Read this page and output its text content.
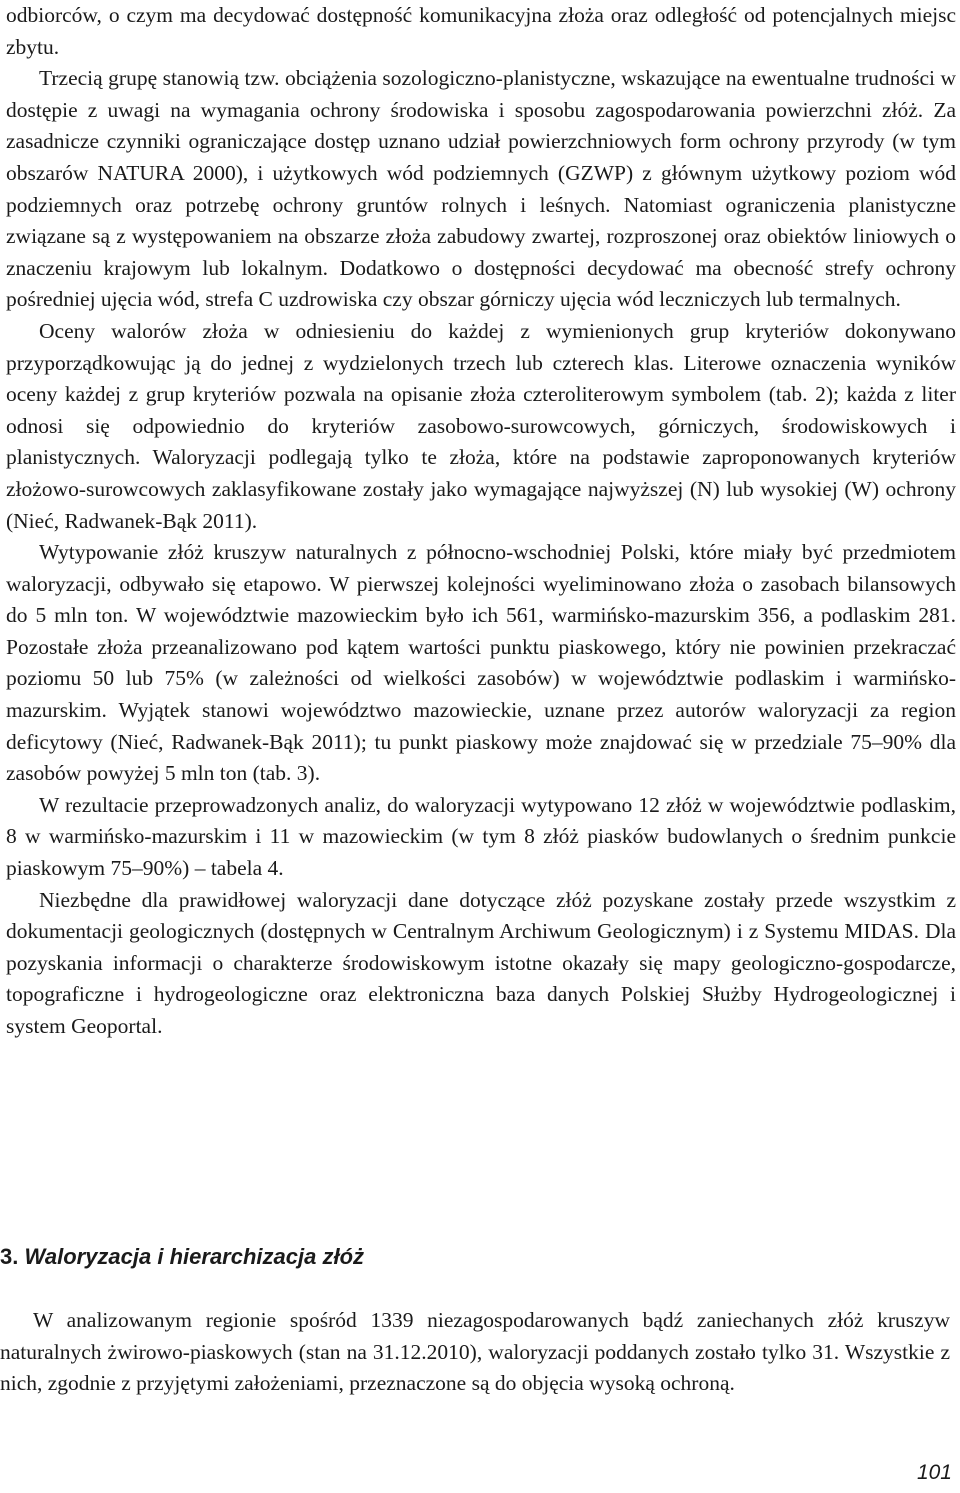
odbiorców, o czym ma decydować dostępność komunikacyjna złoża oraz odległość od potencjalnych miejsc zbytu.

Trzecią grupę stanowią tzw. obciążenia sozologiczno-planistyczne, wskazujące na ewentualne trudności w dostępie z uwagi na wymagania ochrony środowiska i sposobu zagospodarowania powierzchni złóż. Za zasadnicze czynniki ograniczające dostęp uznano udział powierzchniowych form ochrony przyrody (w tym obszarów NATURA 2000), i użytkowych wód podziemnych (GZWP) z głównym użytkowy poziom wód podziemnych oraz potrzebę ochrony gruntów rolnych i leśnych. Natomiast ograniczenia planistyczne związane są z występowaniem na obszarze złoża zabudowy zwartej, rozproszonej oraz obiektów liniowych o znaczeniu krajowym lub lokalnym. Dodatkowo o dostępności decydować ma obecność strefy ochrony pośredniej ujęcia wód, strefa C uzdrowiska czy obszar górniczy ujęcia wód leczniczych lub termalnych.

Oceny walorów złoża w odniesieniu do każdej z wymienionych grup kryteriów dokonywano przyporządkowując ją do jednej z wydzielonych trzech lub czterech klas. Literowe oznaczenia wyników oceny każdej z grup kryteriów pozwala na opisanie złoża czteroliterowym symbolem (tab. 2); każda z liter odnosi się odpowiednio do kryteriów zasobowo-surowcowych, górniczych, środowiskowych i planistycznych. Waloryzacji podlegają tylko te złoża, które na podstawie zaproponowanych kryteriów złożowo-surowcowych zaklasyfikowane zostały jako wymagające najwyższej (N) lub wysokiej (W) ochrony (Nieć, Radwanek-Bąk 2011).

Wytypowanie złóż kruszyw naturalnych z północno-wschodniej Polski, które miały być przedmiotem waloryzacji, odbywało się etapowo. W pierwszej kolejności wyeliminowano złoża o zasobach bilansowych do 5 mln ton. W województwie mazowieckim było ich 561, warmińsko-mazurskim 356, a podlaskim 281. Pozostałe złoża przeanalizowano pod kątem wartości punktu piaskowego, który nie powinien przekraczać poziomu 50 lub 75% (w zależności od wielkości zasobów) w województwie podlaskim i warmińsko-mazurskim. Wyjątek stanowi województwo mazowieckie, uznane przez autorów waloryzacji za region deficytowy (Nieć, Radwanek-Bąk 2011); tu punkt piaskowy może znajdować się w przedziale 75–90% dla zasobów powyżej 5 mln ton (tab. 3).

W rezultacie przeprowadzonych analiz, do waloryzacji wytypowano 12 złóż w województwie podlaskim, 8 w warmińsko-mazurskim i 11 w mazowieckim (w tym 8 złóż piasków budowlanych o średnim punkcie piaskowym 75–90%) – tabela 4.

Niezbędne dla prawidłowej waloryzacji dane dotyczące złóż pozyskane zostały przede wszystkim z dokumentacji geologicznych (dostępnych w Centralnym Archiwum Geologicznym) i z Systemu MIDAS. Dla pozyskania informacji o charakterze środowiskowym istotne okazały się mapy geologiczno-gospodarcze, topograficzne i hydrogeologiczne oraz elektroniczna baza danych Polskiej Służby Hydrogeologicznej i system Geoportal.

3. Waloryzacja i hierarchizacja złóż

W analizowanym regionie spośród 1339 niezagospodarowanych bądź zaniechanych złóż kruszyw naturalnych żwirowo-piaskowych (stan na 31.12.2010), waloryzacji poddanych zostało tylko 31. Wszystkie z nich, zgodnie z przyjętymi założeniami, przeznaczone są do objęcia wysoką ochroną.

101
